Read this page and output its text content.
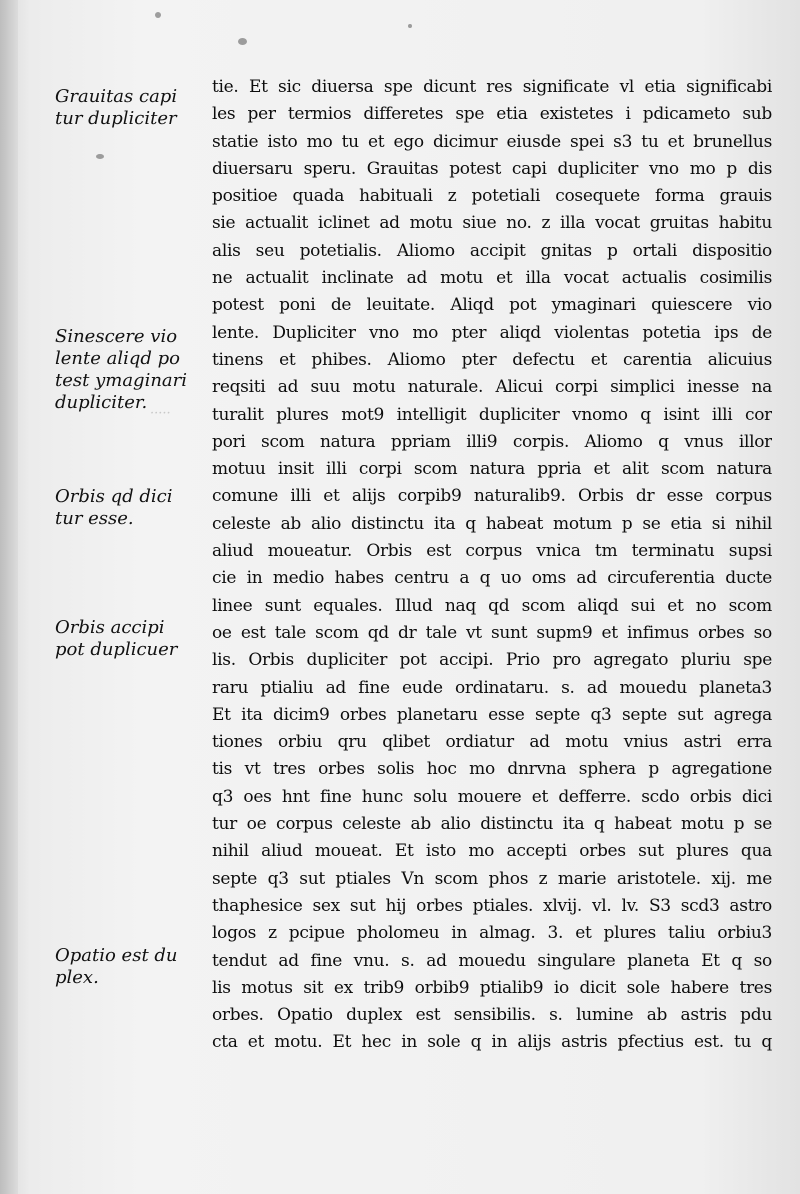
·····
Grauitas capi
tur dupliciter
Sinescere vio
lente aliqd po
test ymaginari
dupliciter.
Orbis qd dici
tur esse.
Orbis accipi
pot duplicuer
Opatio est du
plex.
tie. Et sic diuersa spe dicunt res significate vl etia significabi
les per termios differetes spe etia existetes i pdicameto sub
statie isto mo tu et ego dicimur eiusde spei s3 tu et brunellus
diuersaru speru. Grauitas potest capi dupliciter vno mo p dis
positioe quada habituali z potetiali cosequete forma grauis
sie actualit iclinet ad motu siue no. z illa vocat gruitas habitu
alis seu potetialis. Aliomo accipit gnitas p ortali dispositio
ne actualit inclinate ad motu et illa vocat actualis cosimilis
potest poni de leuitate. Aliqd pot ymaginari quiescere vio
lente. Dupliciter vno mo pter aliqd violentas potetia ips de
tinens et phibes. Aliomo pter defectu et carentia alicuius
reqsiti ad suu motu naturale. Alicui corpi simplici inesse na
turalit plures mot9 intelligit dupliciter vnomo q isint illi cor
pori scom natura ppriam illi9 corpis. Aliomo q vnus illor
motuu insit illi corpi scom natura ppria et alit scom natura
comune illi et alijs corpib9 naturalib9. Orbis dr esse corpus
celeste ab alio distinctu ita q habeat motum p se etia si nihil
aliud moueatur. Orbis est corpus vnica tm terminatu supsi
cie in medio habes centru a q uo oms ad circuferentia ducte
linee sunt equales. Illud naq qd scom aliqd sui et no scom
oe est tale scom qd dr tale vt sunt supm9 et infimus orbes so
lis. Orbis dupliciter pot accipi. Prio pro agregato pluriu spe
raru ptialiu ad fine eude ordinataru. s. ad mouedu planeta3
Et ita dicim9 orbes planetaru esse septe q3 septe sut agrega
tiones orbiu qru qlibet ordiatur ad motu vnius astri erra
tis vt tres orbes solis hoc mo dnrvna sphera p agregatione
q3 oes hnt fine hunc solu mouere et defferre. scdo orbis dici
tur oe corpus celeste ab alio distinctu ita q habeat motu p se
nihil aliud moueat. Et isto mo accepti orbes sut plures qua
septe q3 sut ptiales Vn scom phos z marie aristotele. xij. me
thaphesice sex sut hij orbes ptiales. xlvij. vl. lv. S3 scd3 astro
logos z pcipue pholomeu in almag. 3. et plures taliu orbiu3
tendut ad fine vnu. s. ad mouedu singulare planeta Et q so
lis motus sit ex trib9 orbib9 ptialib9 io dicit sole habere tres
orbes. Opatio duplex est sensibilis. s. lumine ab astris pdu
cta et motu. Et hec in sole q in alijs astris pfectius est. tu q
